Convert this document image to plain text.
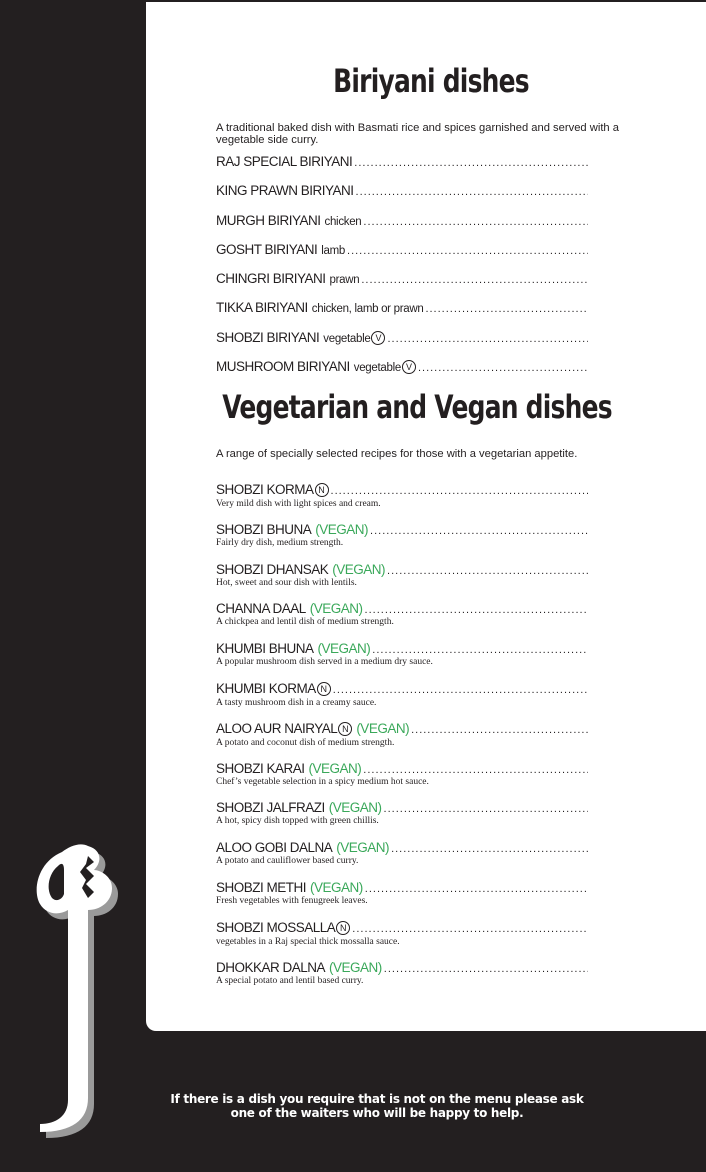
Biriyani dishes

A traditional baked dish with Basmati rice and spices garnished and served with a vegetable side curry.

RAJ SPECIAL BIRIYANI
.....
KING PRAWN BIRIYANI
.....
MURGH BIRIYANI chicken
.....
GOSHT BIRIYANI lamb
.....
CHINGRI BIRIYANI prawn
.....
TIKKA BIRIYANI chicken, lamb or prawn
.....
SHOBZI BIRIYANI vegetable V
.....
MUSHROOM BIRIYANI vegetable V
.....
Vegetarian and Vegan dishes

A range of specially selected recipes for those with a vegetarian appetite.

SHOBZI KORMA N
.....
Very mild dish with light spices and cream.
SHOBZI BHUNA (VEGAN)
.....
Fairly dry dish, medium strength.
SHOBZI DHANSAK (VEGAN)
.....
Hot, sweet and sour dish with lentils.
CHANNA DAAL (VEGAN)
.....
A chickpea and lentil dish of medium strength.
KHUMBI BHUNA (VEGAN)
.....
A popular mushroom dish served in a medium dry sauce.
KHUMBI KORMA N
.....
A tasty mushroom dish in a creamy sauce.
ALOO AUR NAIRYAL N (VEGAN)
.....
A potato and coconut dish of medium strength.
SHOBZI KARAI (VEGAN)
.....
Chef’s vegetable selection in a spicy medium hot sauce.
SHOBZI JALFRAZI (VEGAN)
.....
A hot, spicy dish topped with green chillis.
ALOO GOBI DALNA (VEGAN)
.....
A potato and cauliflower based curry.
SHOBZI METHI (VEGAN)
.....
Fresh vegetables with fenugreek leaves.
SHOBZI MOSSALLA N
.....
vegetables in a Raj special thick mossalla sauce.
DHOKKAR DALNA (VEGAN)
.....
A special potato and lentil based curry.

If there is a dish you require that is not on the menu please ask
one of the waiters who will be happy to help.
